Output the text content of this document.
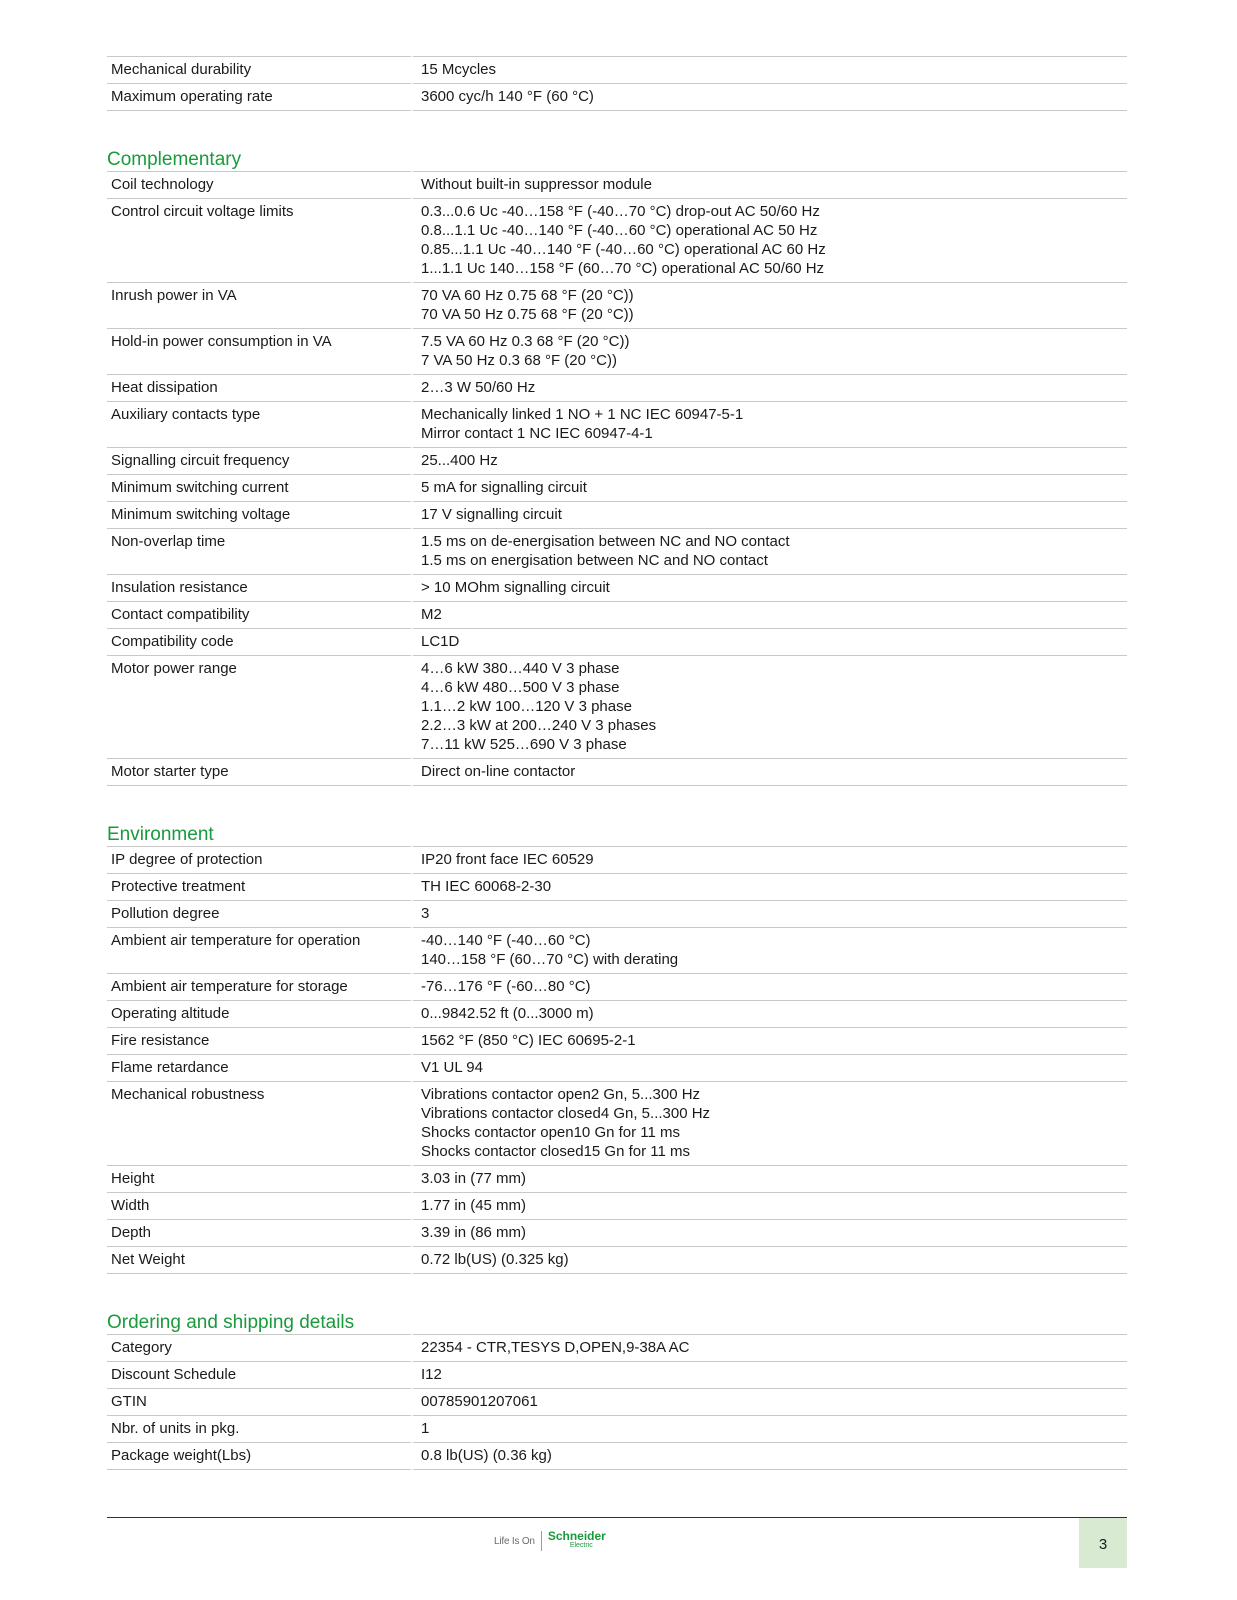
Mechanical durability	15 Mcycles

Maximum operating rate	3600 cyc/h 140 °F (60 °C)
Complementary
Coil technology	Without built-in suppressor module

Control circuit voltage limits	0.3...0.6 Uc -40…158 °F (-40…70 °C) drop-out AC 50/60 Hz
0.8...1.1 Uc -40…140 °F (-40…60 °C) operational AC 50 Hz
0.85...1.1 Uc -40…140 °F (-40…60 °C) operational AC 60 Hz
1...1.1 Uc 140…158 °F (60…70 °C) operational AC 50/60 Hz

Inrush power in VA	70 VA 60 Hz 0.75 68 °F (20 °C))
70 VA 50 Hz 0.75 68 °F (20 °C))

Hold-in power consumption in VA	7.5 VA 60 Hz 0.3 68 °F (20 °C))
7 VA 50 Hz 0.3 68 °F (20 °C))

Heat dissipation	2…3 W 50/60 Hz

Auxiliary contacts type	Mechanically linked 1 NO + 1 NC IEC 60947-5-1
Mirror contact 1 NC IEC 60947-4-1

Signalling circuit frequency	25...400 Hz

Minimum switching current	5 mA for signalling circuit

Minimum switching voltage	17 V signalling circuit

Non-overlap time	1.5 ms on de-energisation between NC and NO contact
1.5 ms on energisation between NC and NO contact

Insulation resistance	> 10 MOhm signalling circuit

Contact compatibility	M2

Compatibility code	LC1D

Motor power range	4…6 kW 380…440 V 3 phase
4…6 kW 480…500 V 3 phase
1.1…2 kW 100…120 V 3 phase
2.2…3 kW at 200…240 V 3 phases
7…11 kW 525…690 V 3 phase

Motor starter type	Direct on-line contactor
Environment
IP degree of protection	IP20 front face IEC 60529

Protective treatment	TH IEC 60068-2-30

Pollution degree	3

Ambient air temperature for operation	-40…140 °F (-40…60 °C)
140…158 °F (60…70 °C) with derating

Ambient air temperature for storage	-76…176 °F (-60…80 °C)

Operating altitude	0...9842.52 ft (0...3000 m)

Fire resistance	1562 °F (850 °C) IEC 60695-2-1

Flame retardance	V1 UL 94

Mechanical robustness	Vibrations contactor open2 Gn, 5...300 Hz
Vibrations contactor closed4 Gn, 5...300 Hz
Shocks contactor open10 Gn for 11 ms
Shocks contactor closed15 Gn for 11 ms

Height	3.03 in (77 mm)

Width	1.77 in (45 mm)

Depth	3.39 in (86 mm)

Net Weight	0.72 lb(US) (0.325 kg)
Ordering and shipping details
Category	22354 - CTR,TESYS D,OPEN,9-38A AC

Discount Schedule	I12

GTIN	00785901207061

Nbr. of units in pkg.	1

Package weight(Lbs)	0.8 lb(US) (0.36 kg)
Life Is On Schneider
Electric	3
